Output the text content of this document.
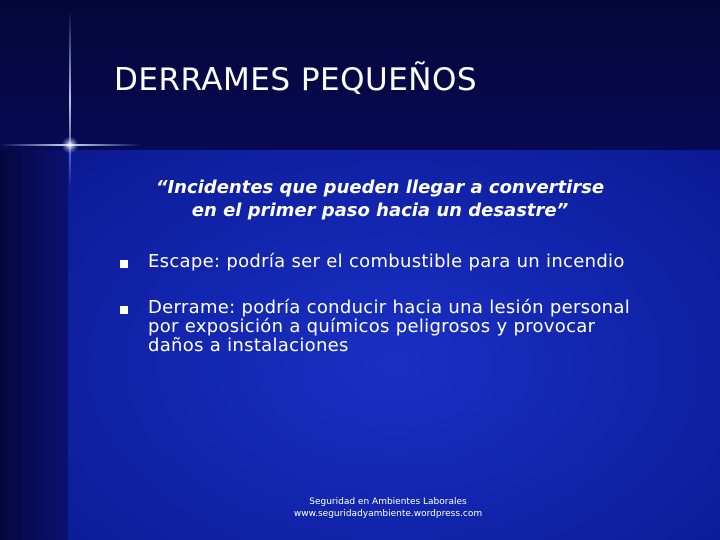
DERRAMES PEQUEÑOS

“Incidentes que pueden llegar a convertirse
en el primer paso hacia un desastre”

Escape: podría ser el combustible para un incendio
Derrame: podría conducir hacia una lesión personal por exposición a químicos peligrosos y provocar daños a instalaciones
Seguridad en Ambientes Laborales
www.seguridadyambiente.wordpress.com
